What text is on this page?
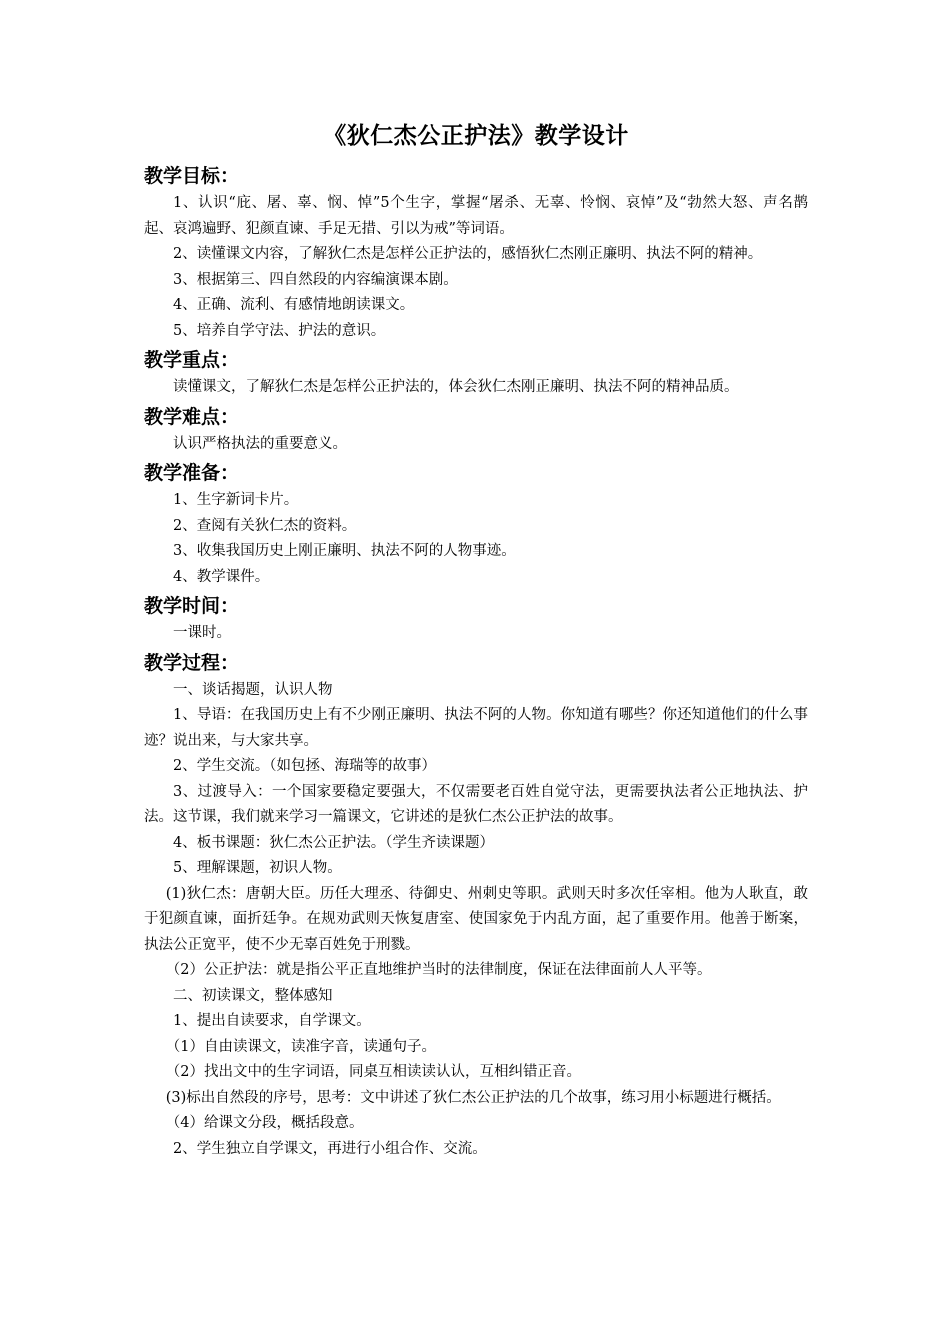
《狄仁杰公正护法》教学设计
教学目标：

1、认识“庇、屠、辜、悯、悼”5个生字，掌握“屠杀、无辜、怜悯、哀悼”及“勃然大怒、声名鹊起、哀鸿遍野、犯颜直谏、手足无措、引以为戒”等词语。

2、读懂课文内容，了解狄仁杰是怎样公正护法的，感悟狄仁杰刚正廉明、执法不阿的精神。

3、根据第三、四自然段的内容编演课本剧。

4、正确、流利、有感情地朗读课文。

5、培养自学守法、护法的意识。

教学重点：

读懂课文，了解狄仁杰是怎样公正护法的，体会狄仁杰刚正廉明、执法不阿的精神品质。

教学难点：

认识严格执法的重要意义。

教学准备：

1、生字新词卡片。

2、查阅有关狄仁杰的资料。

3、收集我国历史上刚正廉明、执法不阿的人物事迹。

4、教学课件。

教学时间：

一课时。

教学过程：

一、谈话揭题，认识人物

1、导语：在我国历史上有不少刚正廉明、执法不阿的人物。你知道有哪些？你还知道他们的什么事迹？说出来，与大家共享。

2、学生交流。（如包拯、海瑞等的故事）

3、过渡导入：一个国家要稳定要强大，不仅需要老百姓自觉守法，更需要执法者公正地执法、护法。这节课，我们就来学习一篇课文，它讲述的是狄仁杰公正护法的故事。

4、板书课题：狄仁杰公正护法。（学生齐读课题）

5、理解课题，初识人物。

(1)狄仁杰：唐朝大臣。历任大理丞、待御史、州刺史等职。武则天时多次任宰相。他为人耿直，敢于犯颜直谏，面折廷争。在规劝武则天恢复唐室、使国家免于内乱方面，起了重要作用。他善于断案，执法公正宽平，使不少无辜百姓免于刑戮。

（2）公正护法：就是指公平正直地维护当时的法律制度，保证在法律面前人人平等。

二、初读课文，整体感知

1、提出自读要求，自学课文。

（1）自由读课文，读准字音，读通句子。

（2）找出文中的生字词语，同桌互相读读认认，互相纠错正音。

(3)标出自然段的序号，思考：文中讲述了狄仁杰公正护法的几个故事，练习用小标题进行概括。

（4）给课文分段，概括段意。

2、学生独立自学课文，再进行小组合作、交流。
